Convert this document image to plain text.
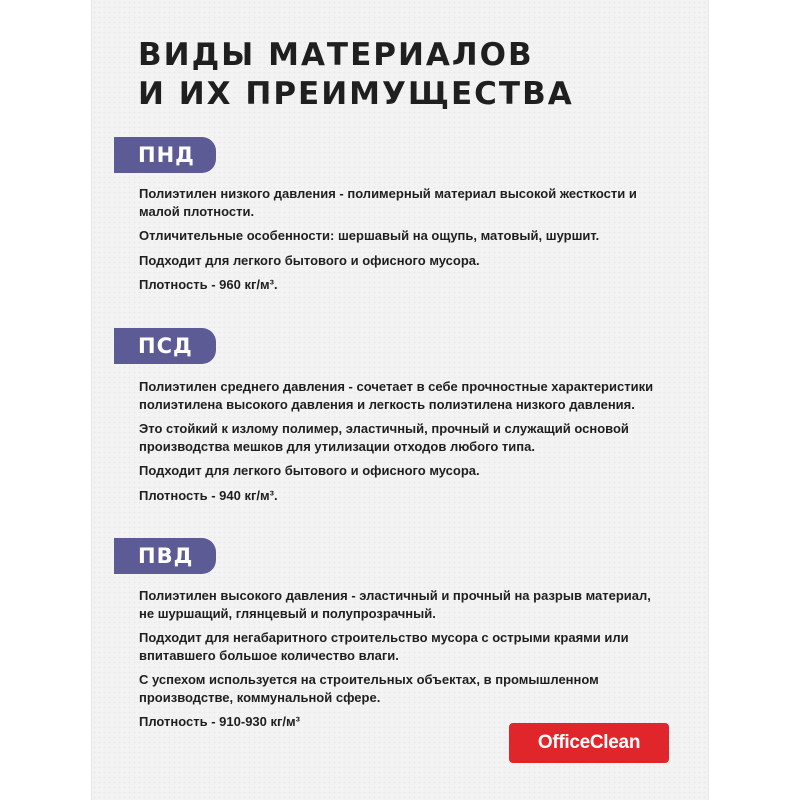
ВИДЫ МАТЕРИАЛОВ
И ИХ ПРЕИМУЩЕСТВА
ПНД

Полиэтилен низкого давления - полимерный материал высокой жесткости и малой плотности.

Отличительные особенности: шершавый на ощупь, матовый, шуршит.

Подходит для легкого бытового и офисного мусора.

Плотность - 960 кг/м³.

ПСД

Полиэтилен среднего давления - сочетает в себе прочностные характеристики полиэтилена высокого давления и легкость полиэтилена низкого давления.

Это стойкий к излому полимер, эластичный, прочный и служащий основой производства мешков для утилизации отходов любого типа.

Подходит для легкого бытового и офисного мусора.

Плотность - 940 кг/м³.

ПВД

Полиэтилен высокого давления - эластичный и прочный на разрыв материал, не шуршащий, глянцевый и полупрозрачный.

Подходит для негабаритного строительство мусора с острыми краями или впитавшего большое количество влаги.

С успехом используется на строительных объектах, в промышленном производстве, коммунальной сфере.

Плотность - 910-930 кг/м³

OfficeClean
